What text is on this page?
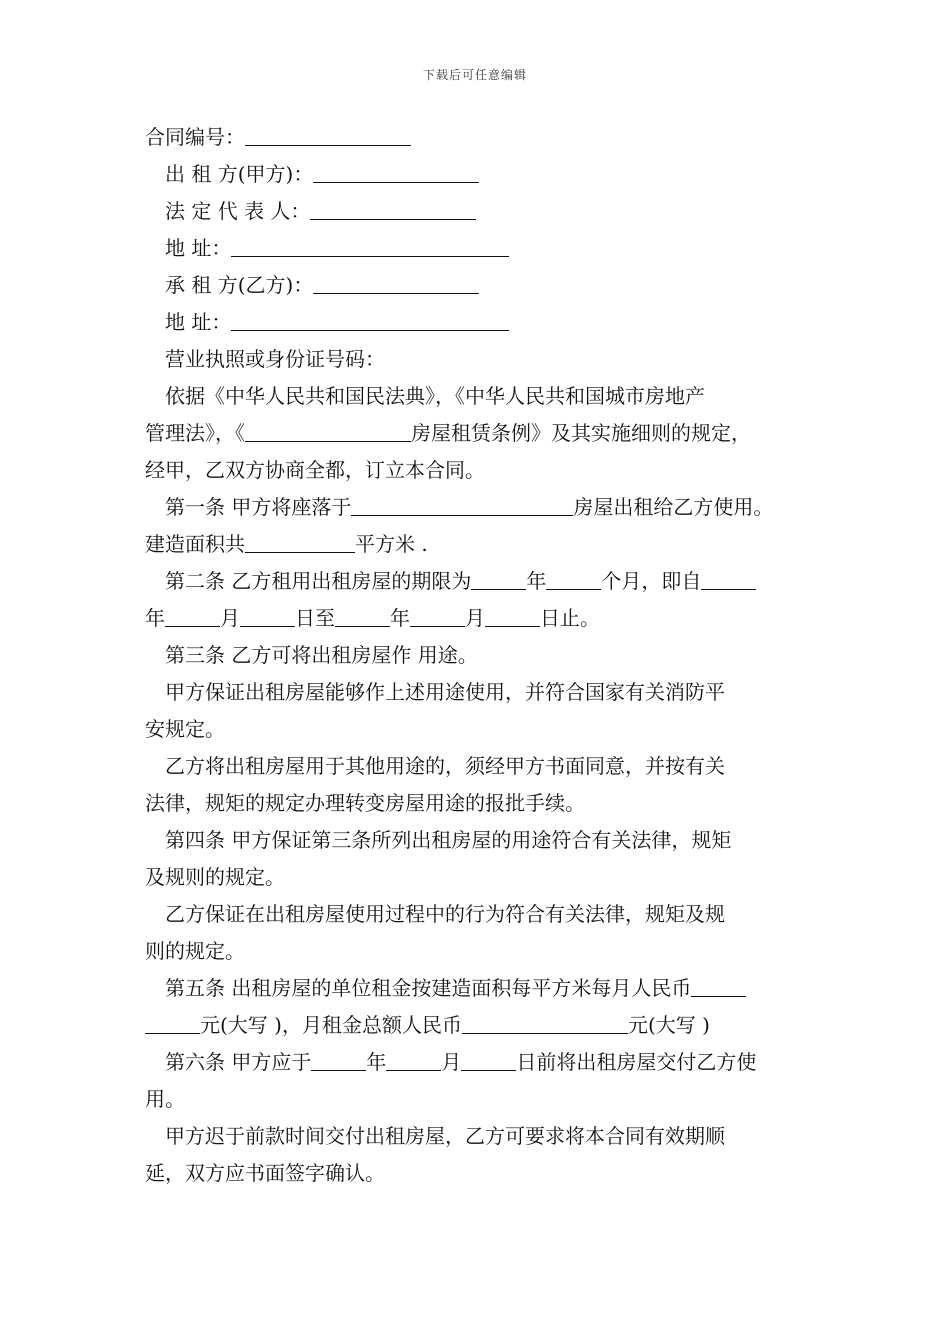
下载后可任意编辑
合同编号：
出 租 方(甲方)：
法 定 代 表 人：
地 址：
承 租 方(乙方)：
地 址：
营业执照或身份证号码：
依据《中华人民共和国民法典》，《中华人民共和国城市房地产
管理法》，《	房屋租赁条例》及其实施细则的规定，
经甲，乙双方协商全都，订立本合同。
第一条 甲方将座落于	房屋出租给乙方使用。
建造面积共	平方米 .
第二条 乙方租用出租房屋的期限为	年	个月，即自
年	月	日至	年	月	日止。
第三条 乙方可将出租房屋作 用途。
甲方保证出租房屋能够作上述用途使用，并符合国家有关消防平
安规定。
乙方将出租房屋用于其他用途的，须经甲方书面同意，并按有关
法律，规矩的规定办理转变房屋用途的报批手续。
第四条 甲方保证第三条所列出租房屋的用途符合有关法律，规矩
及规则的规定。
乙方保证在出租房屋使用过程中的行为符合有关法律，规矩及规
则的规定。
第五条 出租房屋的单位租金按建造面积每平方米每月人民币
元(大写 )，月租金总额人民币	元(大写 )
第六条 甲方应于	年	月	日前将出租房屋交付乙方使
用。
甲方迟于前款时间交付出租房屋，乙方可要求将本合同有效期顺
延，双方应书面签字确认。
